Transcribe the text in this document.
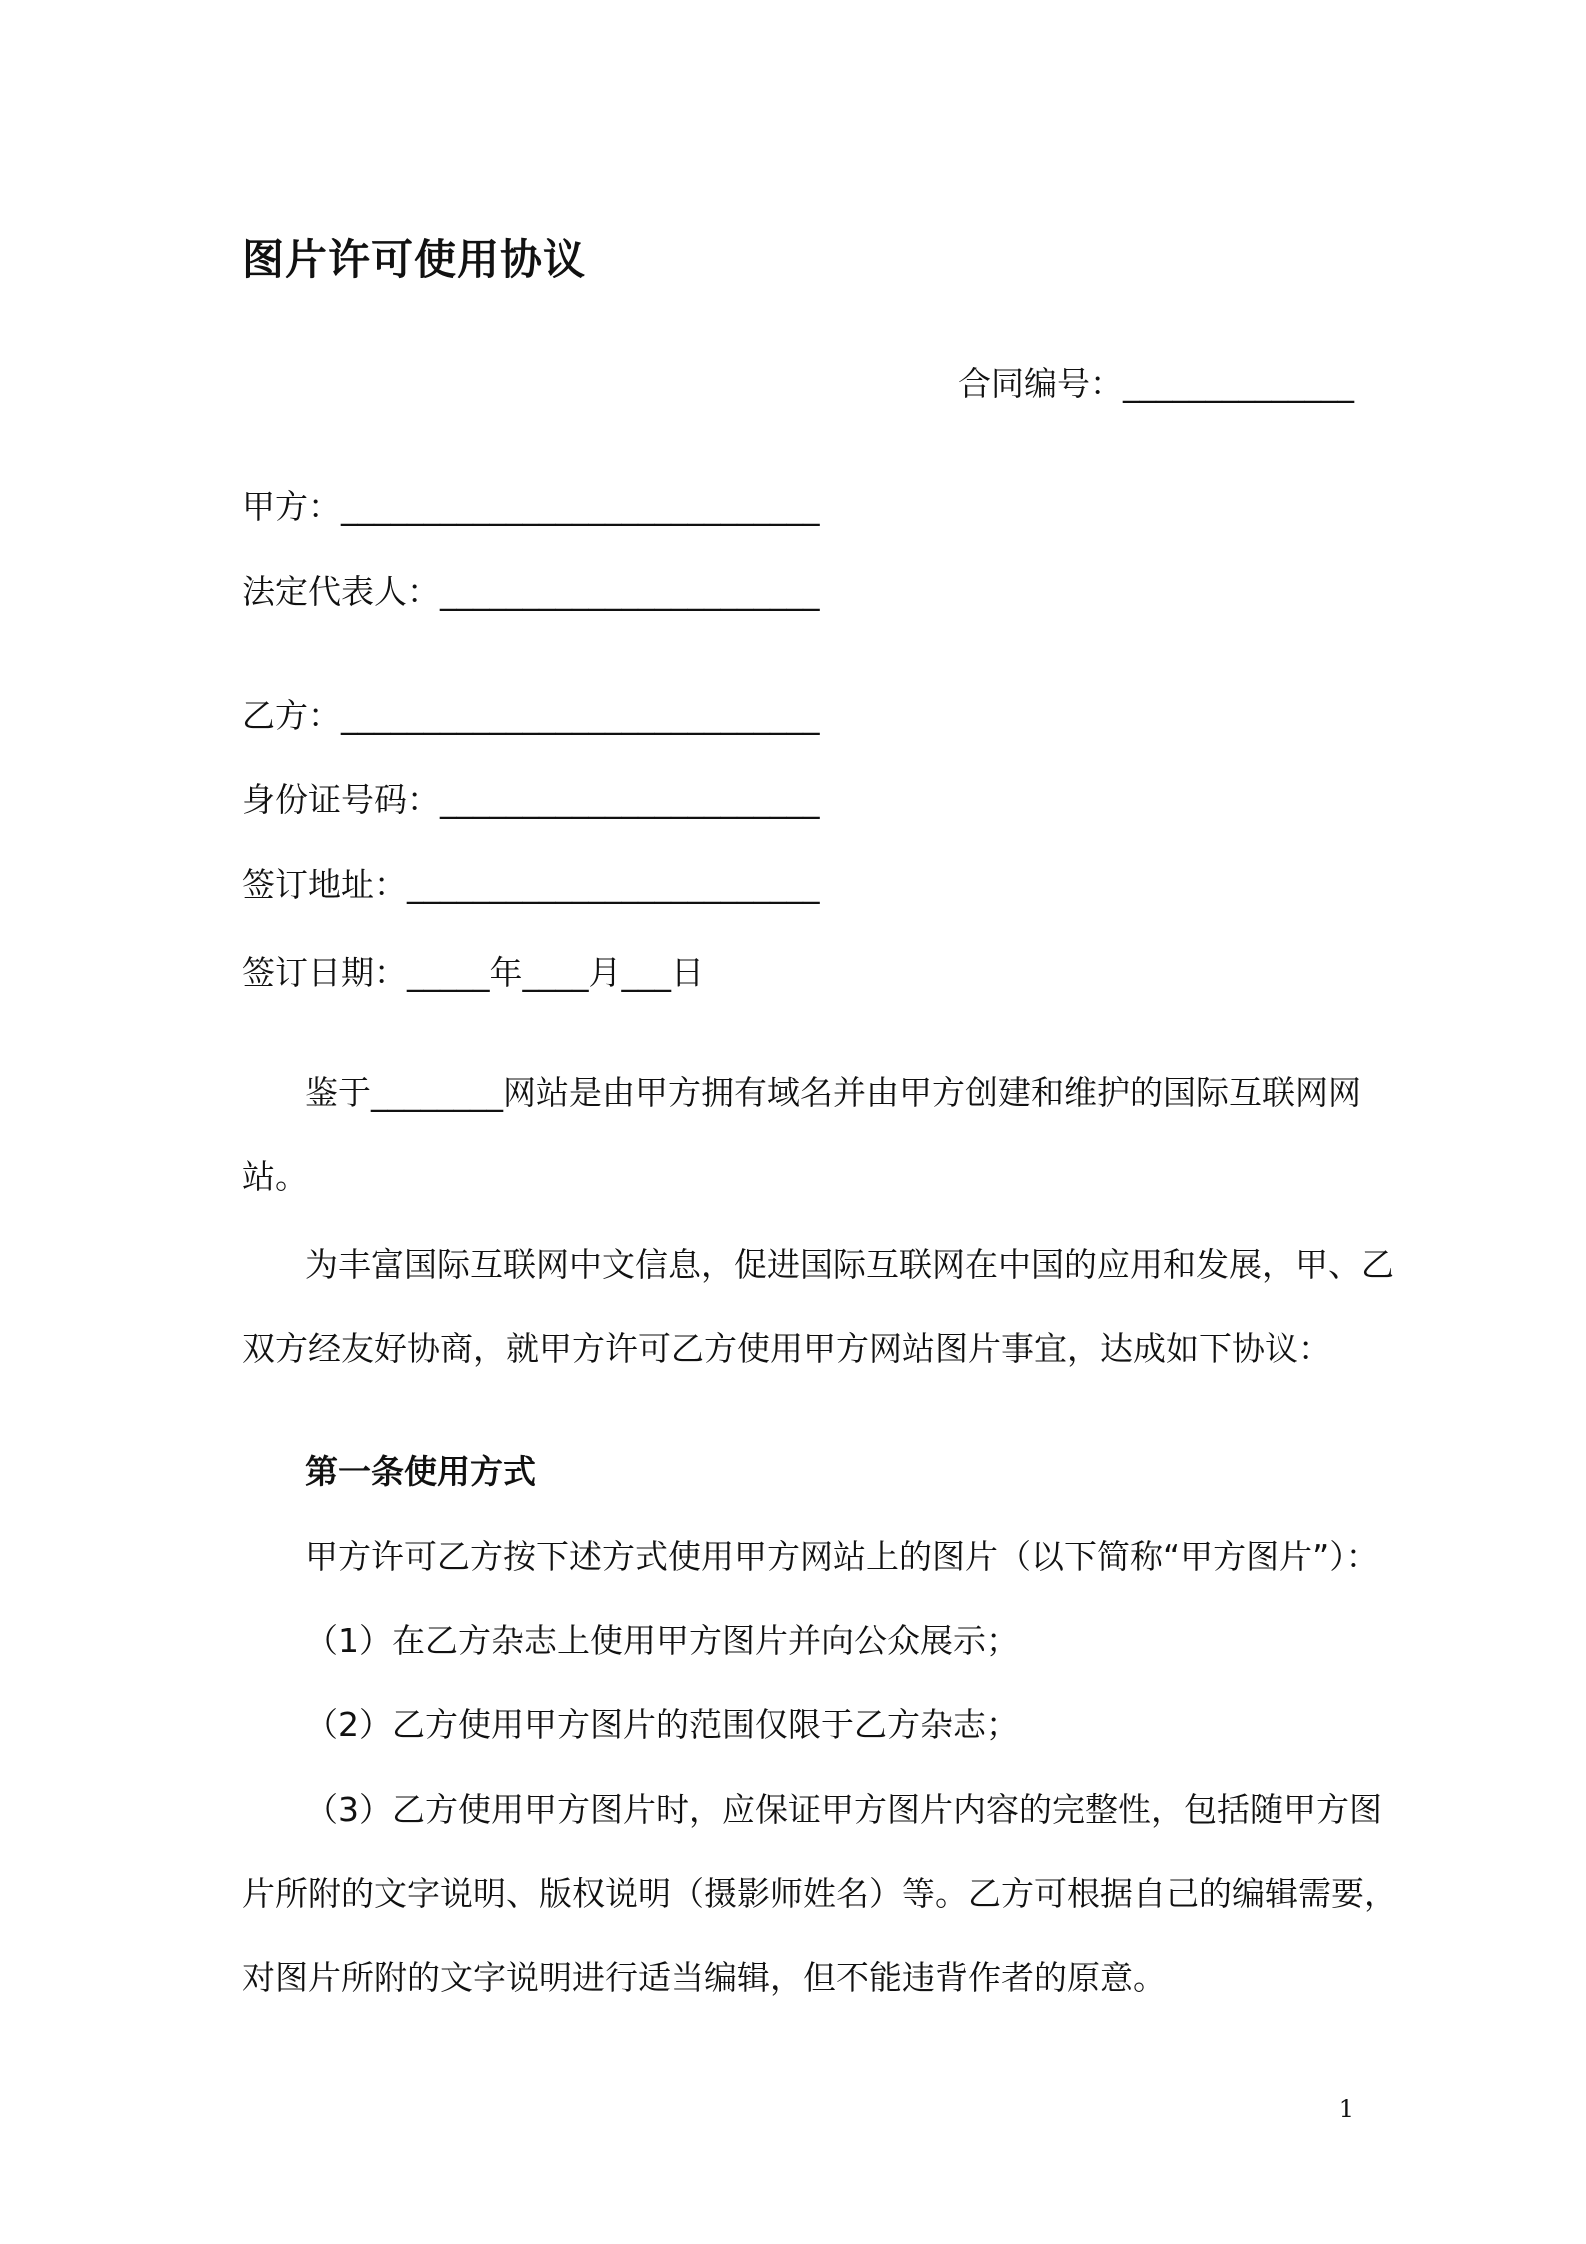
图片许可使用协议
合同编号：______________
甲方：_____________________________
法定代表人：_______________________
乙方：_____________________________
身份证号码：_______________________
签订地址：_________________________
签订日期：_____年____月___日
鉴于________网站是由甲方拥有域名并由甲方创建和维护的国际互联网网
站。
为丰富国际互联网中文信息，促进国际互联网在中国的应用和发展，甲、乙
双方经友好协商，就甲方许可乙方使用甲方网站图片事宜，达成如下协议：
第一条使用方式
甲方许可乙方按下述方式使用甲方网站上的图片（以下简称“甲方图片”）：
（1）在乙方杂志上使用甲方图片并向公众展示；
（2）乙方使用甲方图片的范围仅限于乙方杂志；
（3）乙方使用甲方图片时，应保证甲方图片内容的完整性，包括随甲方图
片所附的文字说明、版权说明（摄影师姓名）等。乙方可根据自己的编辑需要，
对图片所附的文字说明进行适当编辑，但不能违背作者的原意。
1
